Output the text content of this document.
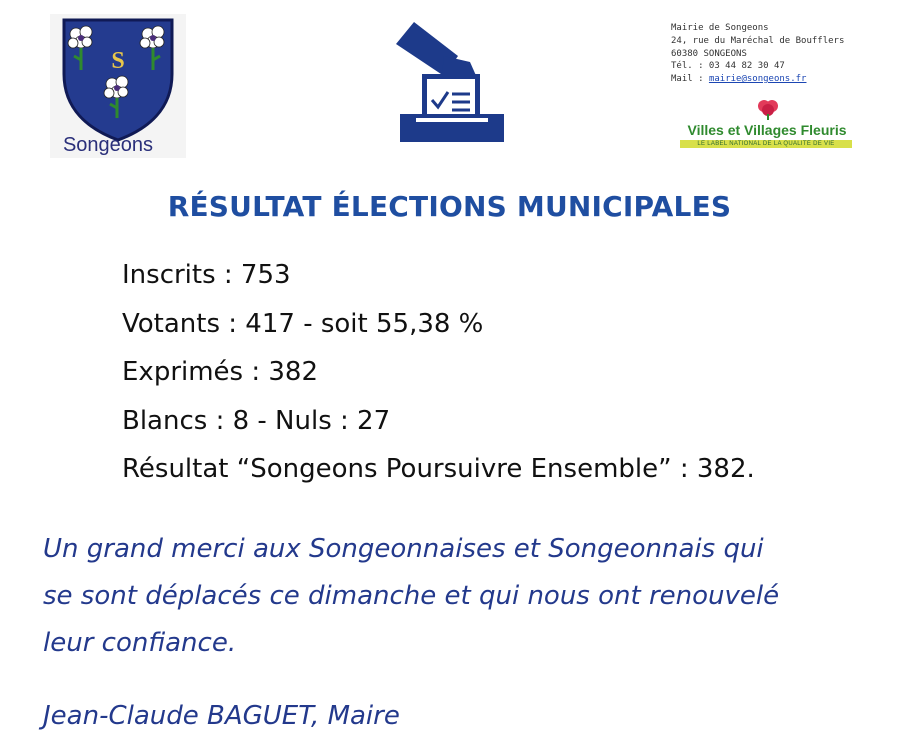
S
Songeons
Mairie de Songeons
24, rue du Maréchal de Boufflers
60380 SONGEONS
Tél. : 03 44 82 30 47
Mail : mairie@songeons.fr
Villes et Villages Fleuris
LE LABEL NATIONAL DE LA QUALITÉ DE VIE
RÉSULTAT ÉLECTIONS MUNICIPALES
Inscrits : 753
Votants : 417 - soit 55,38 %
Exprimés : 382
Blancs : 8 - Nuls : 27
Résultat “Songeons Poursuivre Ensemble” : 382.
Un grand merci aux Songeonnaises et Songeonnais qui
se sont déplacés ce dimanche et qui nous ont renouvelé
leur confiance.
Jean-Claude BAGUET, Maire
